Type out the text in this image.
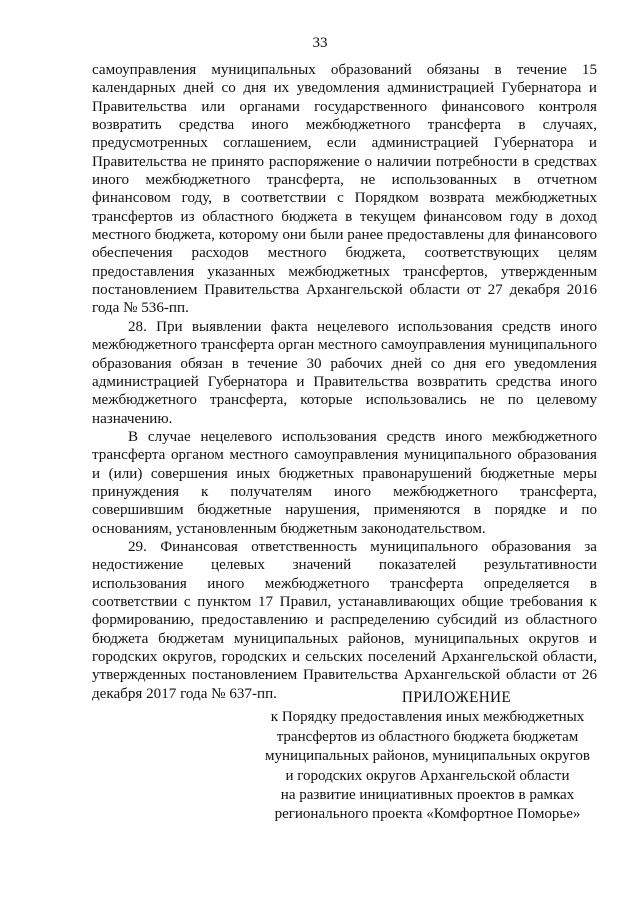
33

самоуправления муниципальных образований обязаны в течение 15 календарных дней со дня их уведомления администрацией Губернатора и Правительства или органами государственного финансового контроля возвратить средства иного межбюджетного трансферта в случаях, предусмотренных соглашением, если администрацией Губернатора и Правительства не принято распоряжение о наличии потребности в средствах иного межбюджетного трансферта, не использованных в отчетном финансовом году, в соответствии с Порядком возврата межбюджетных трансфертов из областного бюджета в текущем финансовом году в доход местного бюджета, которому они были ранее предоставлены для финансового обеспечения расходов местного бюджета, соответствующих целям предоставления указанных межбюджетных трансфертов, утвержденным постановлением Правительства Архангельской области от 27 декабря 2016 года № 536-пп.

28. При выявлении факта нецелевого использования средств иного межбюджетного трансферта орган местного самоуправления муниципального образования обязан в течение 30 рабочих дней со дня его уведомления администрацией Губернатора и Правительства возвратить средства иного межбюджетного трансферта, которые использовались не по целевому назначению.

В случае нецелевого использования средств иного межбюджетного трансферта органом местного самоуправления муниципального образования и (или) совершения иных бюджетных правонарушений бюджетные меры принуждения к получателям иного межбюджетного трансферта, совершившим бюджетные нарушения, применяются в порядке и по основаниям, установленным бюджетным законодательством.

29. Финансовая ответственность муниципального образования за недостижение целевых значений показателей результативности использования иного межбюджетного трансферта определяется в соответствии с пунктом 17 Правил, устанавливающих общие требования к формированию, предоставлению и распределению субсидий из областного бюджета бюджетам муниципальных районов, муниципальных округов и городских округов, городских и сельских поселений Архангельской области, утвержденных постановлением Правительства Архангельской области от 26 декабря 2017 года № 637-пп.	ПРИЛОЖЕНИЕ

к Порядку предоставления иных межбюджетных

трансфертов из областного бюджета бюджетам

муниципальных районов, муниципальных округов

и городских округов Архангельской области

на развитие инициативных проектов в рамках

регионального проекта «Комфортное Поморье»
